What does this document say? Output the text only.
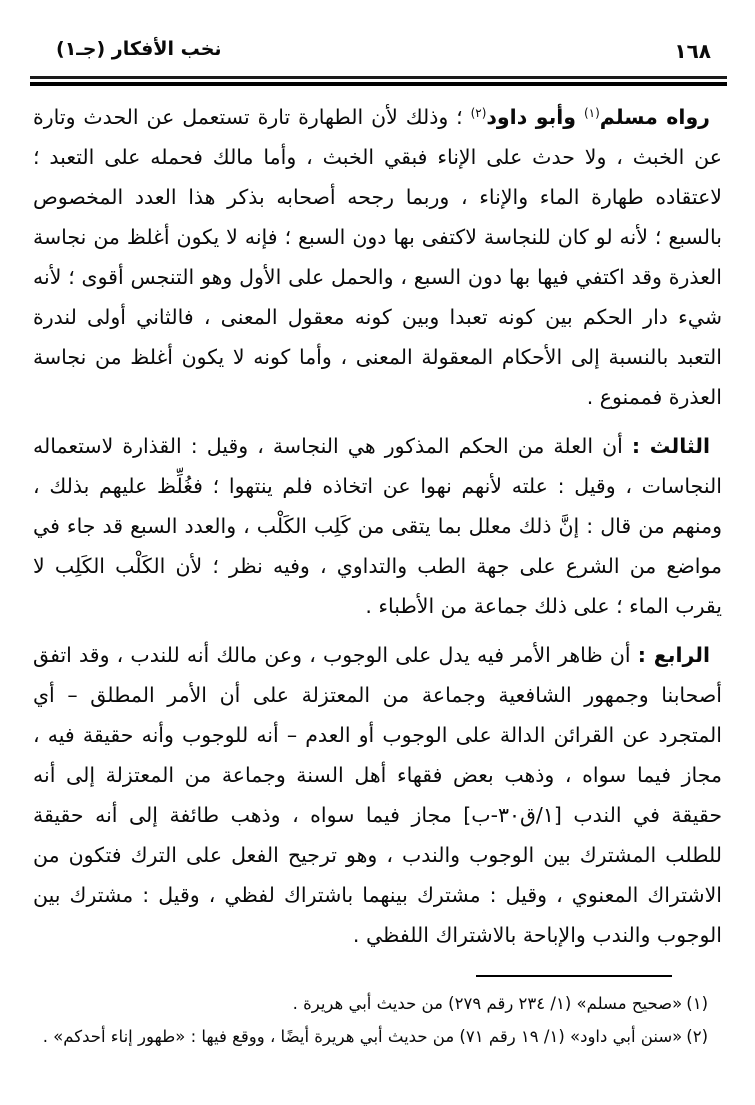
نخب الأفكار (جـ١)	١٦٨

رواه مسلم$^{(١)}$ وأبو داود$^{(٢)}$ ؛ وذلك لأن الطهارة تارة تستعمل عن الحدث وتارة عن الخبث ، ولا حدث على الإناء فبقي الخبث ، وأما مالك فحمله على التعبد ؛ لاعتقاده طهارة الماء والإناء ، وربما رجحه أصحابه بذكر هذا العدد المخصوص بالسبع ؛ لأنه لو كان للنجاسة لاكتفى بها دون السبع ؛ فإنه لا يكون أغلظ من نجاسة العذرة وقد اكتفي فيها بها دون السبع ، والحمل على الأول وهو التنجس أقوى ؛ لأنه شيء دار الحكم بين كونه تعبدا وبين كونه معقول المعنى ، فالثاني أولى لندرة التعبد بالنسبة إلى الأحكام المعقولة المعنى ، وأما كونه لا يكون أغلظ من نجاسة العذرة فممنوع .

الثالث : أن العلة من الحكم المذكور هي النجاسة ، وقيل : القذارة لاستعماله النجاسات ، وقيل : علته لأنهم نهوا عن اتخاذه فلم ينتهوا ؛ فغُلِّظ عليهم بذلك ، ومنهم من قال : إنَّ ذلك معلل بما يتقى من كَلِب الكَلْب ، والعدد السبع قد جاء في مواضع من الشرع على جهة الطب والتداوي ، وفيه نظر ؛ لأن الكَلْب الكَلِب لا يقرب الماء ؛ على ذلك جماعة من الأطباء .

الرابع : أن ظاهر الأمر فيه يدل على الوجوب ، وعن مالك أنه للندب ، وقد اتفق أصحابنا وجمهور الشافعية وجماعة من المعتزلة على أن الأمر المطلق – أي المتجرد عن القرائن الدالة على الوجوب أو العدم – أنه للوجوب وأنه حقيقة فيه ، مجاز فيما سواه ، وذهب بعض فقهاء أهل السنة وجماعة من المعتزلة إلى أنه حقيقة في الندب [١/ق٣٠-ب] مجاز فيما سواه ، وذهب طائفة إلى أنه حقيقة للطلب المشترك بين الوجوب والندب ، وهو ترجيح الفعل على الترك فتكون من الاشتراك المعنوي ، وقيل : مشترك بينهما باشتراك لفظي ، وقيل : مشترك بين الوجوب والندب والإباحة بالاشتراك اللفظي .

(١)«صحيح مسلم» (١/ ٢٣٤ رقم ٢٧٩) من حديث أبي هريرة .
(٢)«سنن أبي داود» (١/ ١٩ رقم ٧١) من حديث أبي هريرة أيضًا ، ووقع فيها : «طهور إناء أحدكم» .
